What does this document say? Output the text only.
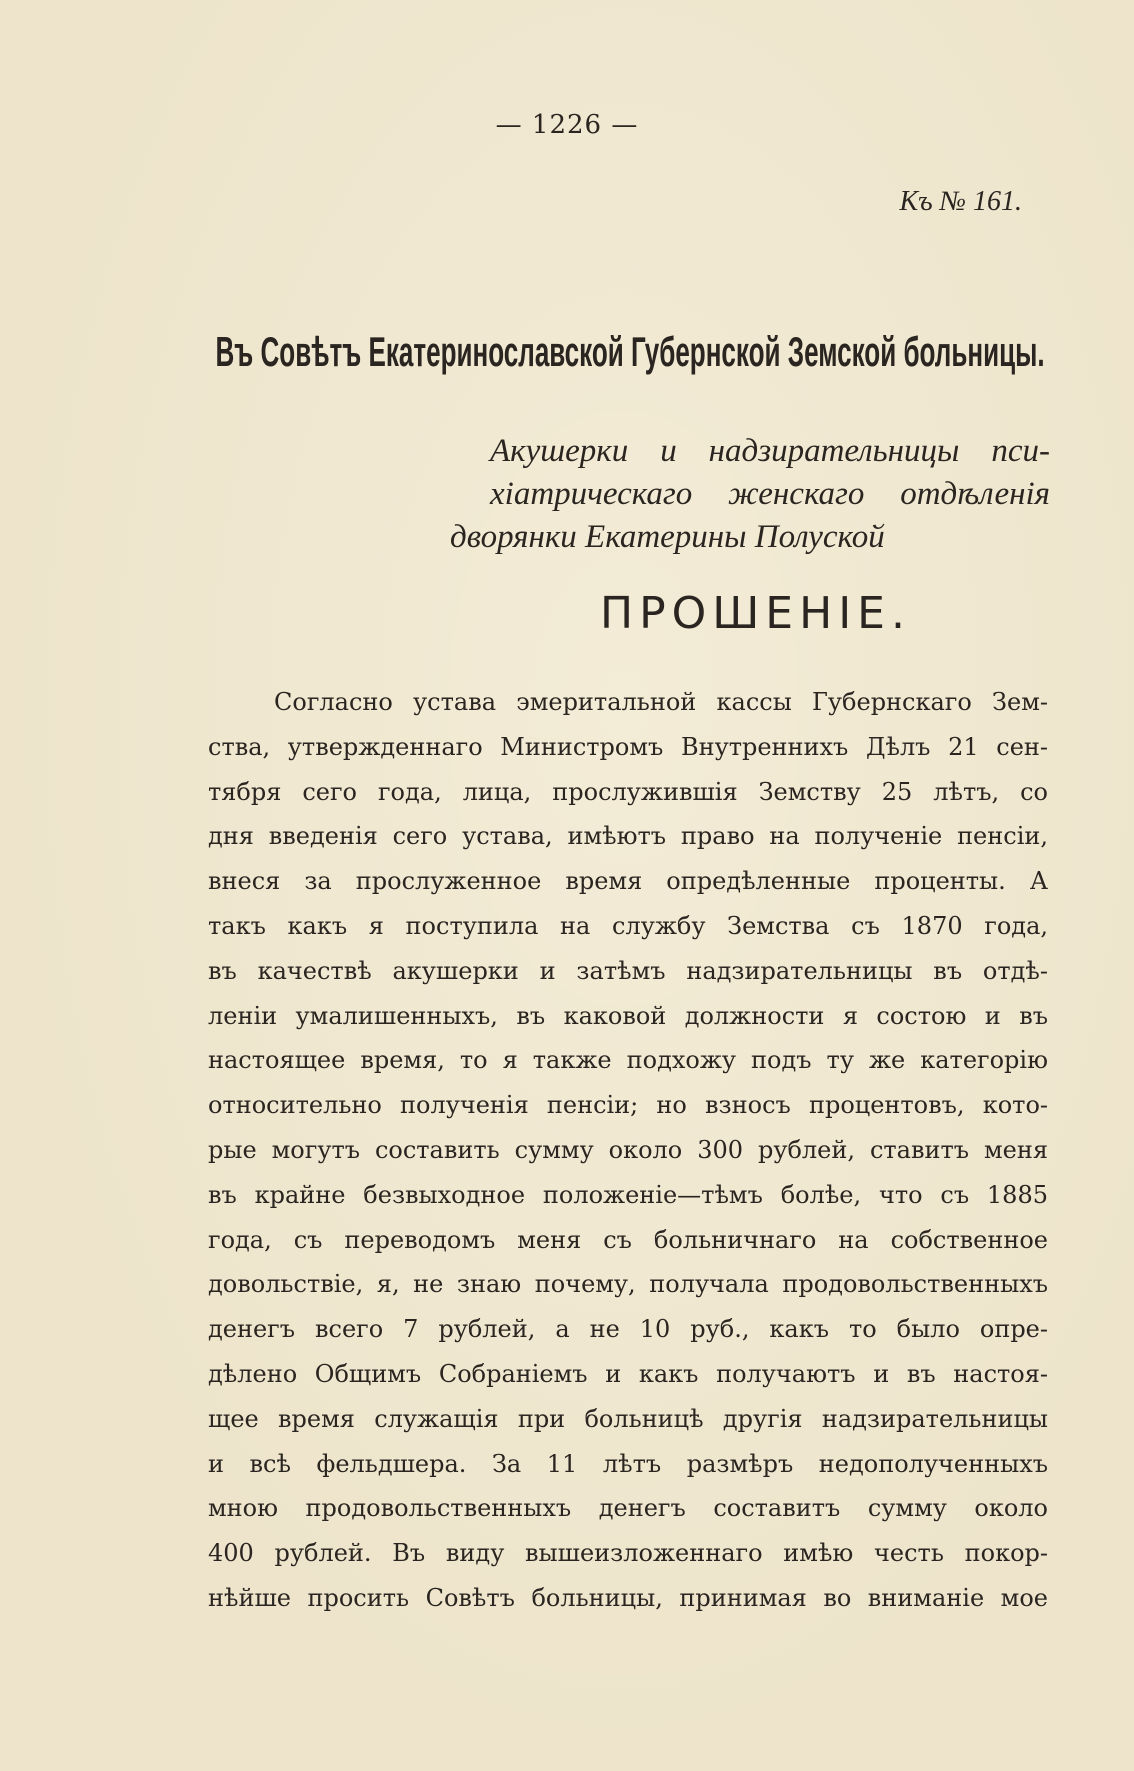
— 1226 —
Къ № 161.
Въ Совѣтъ Екатеринославской Губернской Земской больницы.
Акушерки и надзирательницы пси-
хіатрическаго женскаго отдѣленія
дворянки Екатерины Полуской
ПРОШЕНІЕ.
Согласно устава эмеритальной кассы Губернскаго Зем-
ства, утвержденнаго Министромъ Внутреннихъ Дѣлъ 21 сен-
тября сего года, лица, прослужившія Земству 25 лѣтъ, со
дня введенія сего устава, имѣютъ право на полученіе пенсіи,
внеся за прослуженное время опредѣленные проценты. А
такъ какъ я поступила на службу Земства съ 1870 года,
въ качествѣ акушерки и затѣмъ надзирательницы въ отдѣ-
леніи умалишенныхъ, въ каковой должности я состою и въ
настоящее время, то я также подхожу подъ ту же категорію
относительно полученія пенсіи; но взносъ процентовъ, кото-
рые могутъ составить сумму около 300 рублей, ставитъ меня
въ крайне безвыходное положеніе—тѣмъ болѣе, что съ 1885
года, съ переводомъ меня съ больничнаго на собственное
довольствіе, я, не знаю почему, получала продовольственныхъ
денегъ всего 7 рублей, а не 10 руб., какъ то было опре-
дѣлено Общимъ Собраніемъ и какъ получаютъ и въ настоя-
щее время служащія при больницѣ другія надзирательницы
и всѣ фельдшера. За 11 лѣтъ размѣръ недополученныхъ
мною продовольственныхъ денегъ составитъ сумму около
400 рублей. Въ виду вышеизложеннаго имѣю честь покор-
нѣйше просить Совѣтъ больницы, принимая во вниманіе мое
